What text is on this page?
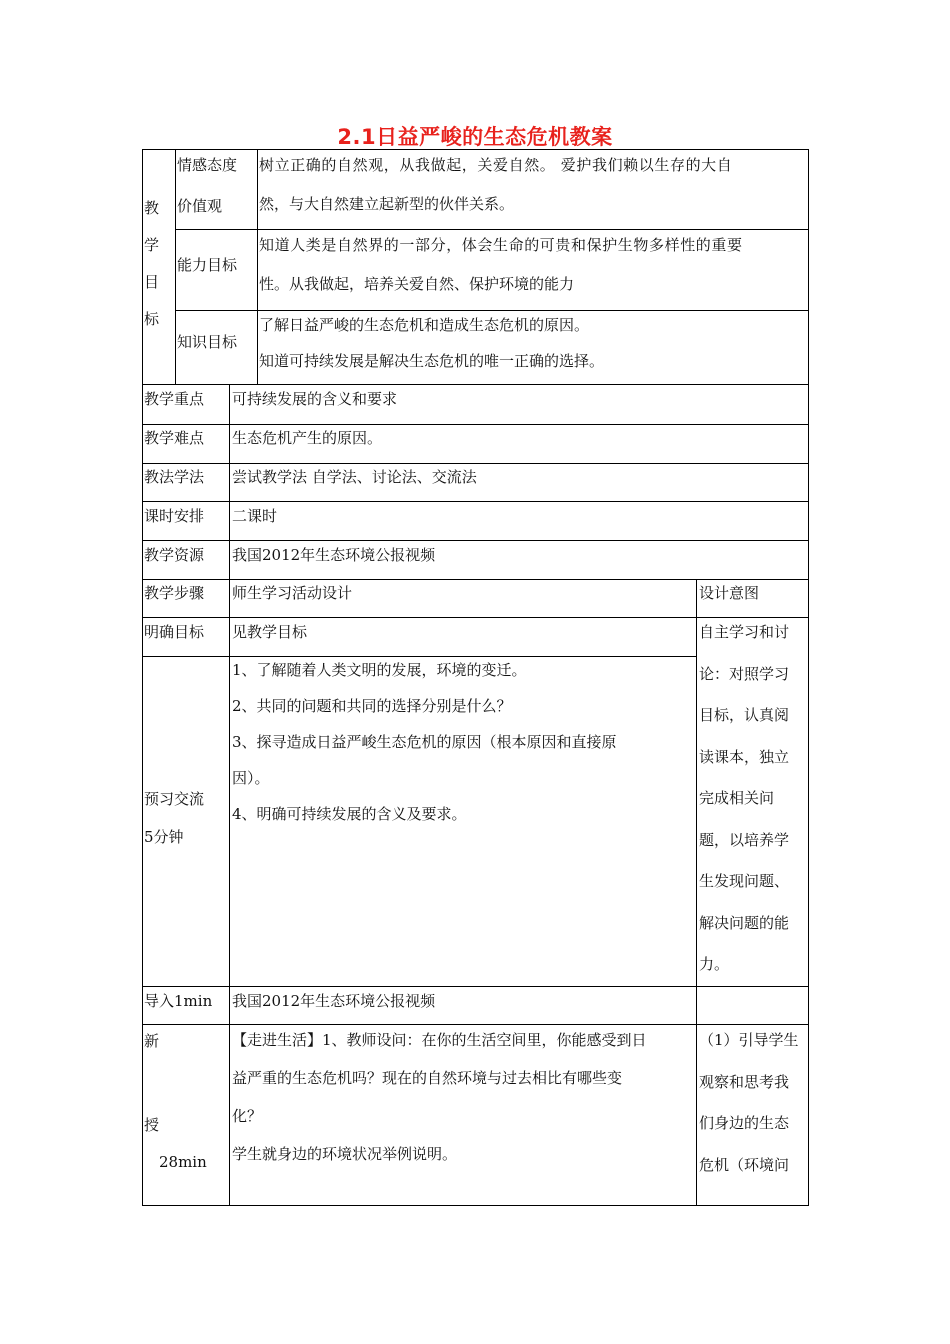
2.1日益严峻的生态危机教案
教
学
目
标
情感态度
价值观
树立正确的自然观，从我做起，关爱自然。 爱护我们赖以生存的大自
然，与大自然建立起新型的伙伴关系。
能力目标
知道人类是自然界的一部分，体会生命的可贵和保护生物多样性的重要
性。从我做起，培养关爱自然、保护环境的能力
知识目标
了解日益严峻的生态危机和造成生态危机的原因。
知道可持续发展是解决生态危机的唯一正确的选择。
教学重点 可持续发展的含义和要求
教学难点 生态危机产生的原因。
教法学法 尝试教学法 自学法、讨论法、交流法
课时安排 二课时
教学资源 我国2012年生态环境公报视频
教学步骤 师生学习活动设计	设计意图
明确目标 见教学目标
预习交流
5分钟
1、了解随着人类文明的发展，环境的变迁。
2、共同的问题和共同的选择分别是什么？
3、探寻造成日益严峻生态危机的原因（根本原因和直接原
因）。
4、明确可持续发展的含义及要求。
自主学习和讨
论：对照学习
目标，认真阅
读课本，独立
完成相关问
题，以培养学
生发现问题、
解决问题的能
力。
导入1min 我国2012年生态环境公报视频
新
授
28min
【走进生活】1、教师设问：在你的生活空间里，你能感受到日
益严重的生态危机吗？现在的自然环境与过去相比有哪些变
化？
学生就身边的环境状况举例说明。
（1）引导学生
观察和思考我
们身边的生态
危机（环境问
